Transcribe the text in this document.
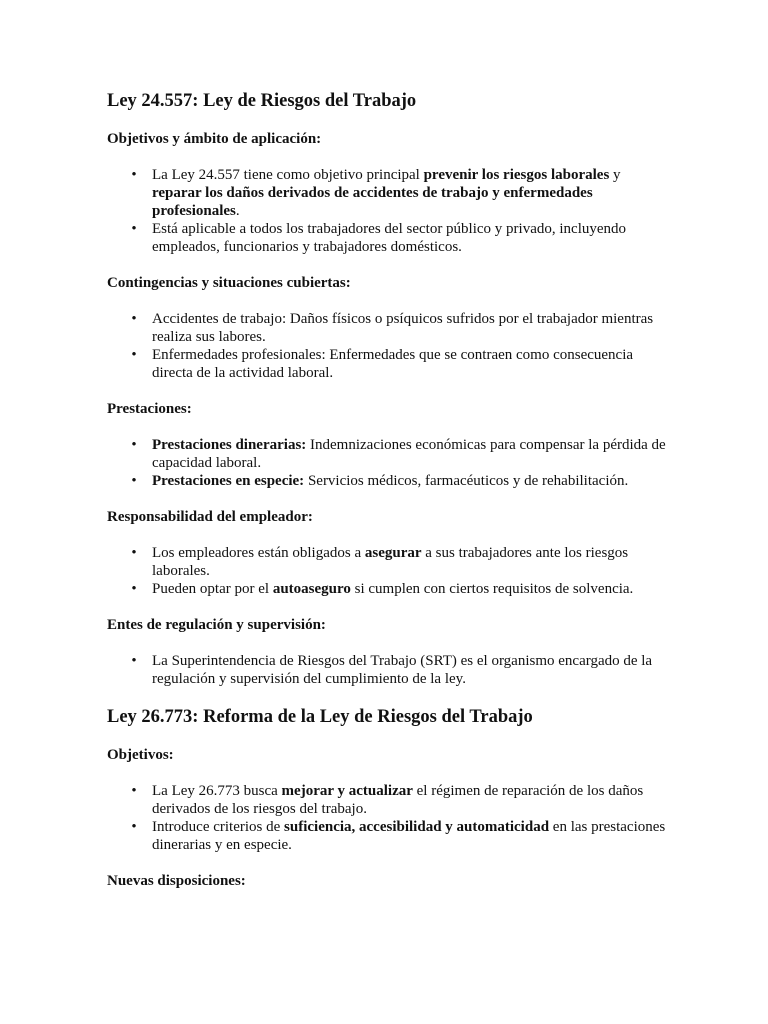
Ley 24.557: Ley de Riesgos del Trabajo
Objetivos y ámbito de aplicación:
• La Ley 24.557 tiene como objetivo principal prevenir los riesgos laborales y reparar los daños derivados de accidentes de trabajo y enfermedades profesionales.
• Está aplicable a todos los trabajadores del sector público y privado, incluyendo empleados, funcionarios y trabajadores domésticos.
Contingencias y situaciones cubiertas:
• Accidentes de trabajo: Daños físicos o psíquicos sufridos por el trabajador mientras realiza sus labores.
• Enfermedades profesionales: Enfermedades que se contraen como consecuencia directa de la actividad laboral.
Prestaciones:
• Prestaciones dinerarias: Indemnizaciones económicas para compensar la pérdida de capacidad laboral.
• Prestaciones en especie: Servicios médicos, farmacéuticos y de rehabilitación.
Responsabilidad del empleador:
• Los empleadores están obligados a asegurar a sus trabajadores ante los riesgos laborales.
• Pueden optar por el autoaseguro si cumplen con ciertos requisitos de solvencia.
Entes de regulación y supervisión:
• La Superintendencia de Riesgos del Trabajo (SRT) es el organismo encargado de la regulación y supervisión del cumplimiento de la ley.
Ley 26.773: Reforma de la Ley de Riesgos del Trabajo
Objetivos:
• La Ley 26.773 busca mejorar y actualizar el régimen de reparación de los daños derivados de los riesgos del trabajo.
• Introduce criterios de suficiencia, accesibilidad y automaticidad en las prestaciones dinerarias y en especie.
Nuevas disposiciones:
